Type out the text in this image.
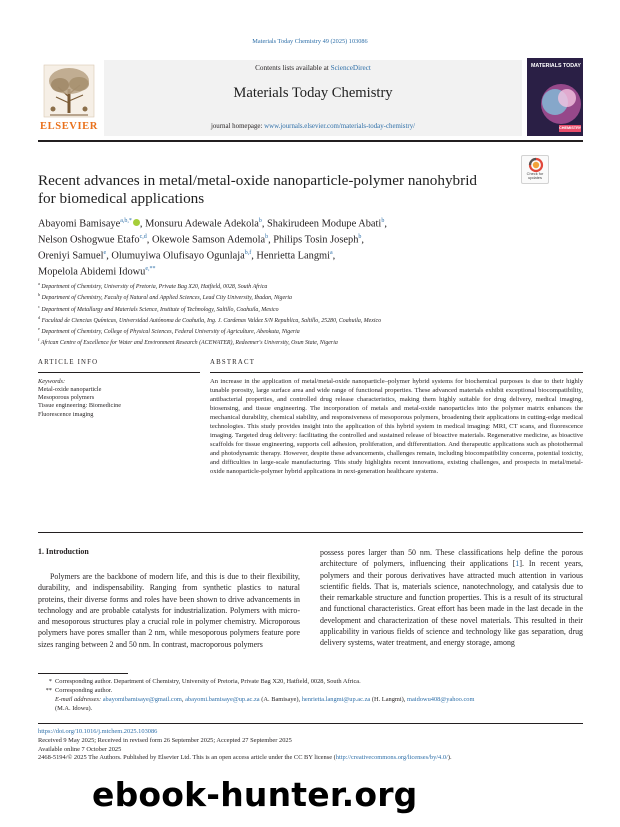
Materials Today Chemistry 49 (2025) 103086
ELSEVIER
Contents lists available at ScienceDirect
Materials Today Chemistry
journal homepage: www.journals.elsevier.com/materials-today-chemistry/
MATERIALS TODAY
CHEMISTRY
Recent advances in metal/metal-oxide nanoparticle-polymer nanohybrid
for biomedical applications
Check for updates
Abayomi Bamisaye$^{a,b,*}$ , Monsuru Adewale Adekola$^b$, Shakirudeen Modupe Abati$^b$,
Nelson Oshogwue Etafo$^{c,d}$, Okewole Samson Ademola$^b$, Philips Tosin Joseph$^b$,
Oreniyi Samuel$^e$, Olumuyiwa Olufisayo Ogunlaja$^{b,f}$, Henrietta Langmi$^a$,
Mopelola Abidemi Idowu$^{e,**}$
$^a$ Department of Chemistry, University of Pretoria, Private Bag X20, Hatfield, 0028, South Africa
$^b$ Department of Chemistry, Faculty of Natural and Applied Sciences, Lead City University, Ibadan, Nigeria
$^c$ Department of Metallurgy and Materials Science, Institute of Technology, Saltillo, Coahuila, Mexico
$^d$ Facultad de Ciencias Químicas, Universidad Autónoma de Coahuila, Ing. J. Cardenas Valdez S/N Republica, Saltillo, 25280, Coahuila, Mexico
$^e$ Department of Chemistry, College of Physical Sciences, Federal University of Agriculture, Abeokuta, Nigeria
$^f$ African Centre of Excellence for Water and Environment Research (ACEWATER), Redeemer's University, Osun State, Nigeria
ARTICLE INFO
Keywords:
Metal-oxide nanoparticle
Mesoporous polymers
Tissue engineering: Biomedicine
Fluorescence imaging
ABSTRACT
An increase in the application of metal/metal-oxide nanoparticle–polymer hybrid systems for biochemical purposes is due to their highly tunable porosity, large surface area and wide range of functional properties. These advanced materials exhibit exceptional biocompatibility, antibacterial properties, and controlled drug release characteristics, making them highly suitable for drug delivery, medical imaging, biosensing, and tissue engineering. The incorporation of metals and metal-oxide nanoparticles into the polymer matrix enhances the mechanical durability, chemical stability, and responsiveness of mesoporous polymers, broadening their applications in cutting-edge medical technologies. This study provides insight into the application of this hybrid system in medical imaging: MRI, CT scans, and fluorescence imaging. Targeted drug delivery: facilitating the controlled and sustained release of bioactive materials. Regenerative medicine, as bioactive scaffolds for tissue engineering, supports cell adhesion, proliferation, and differentiation. And therapeutic applications such as photothermal and photodynamic therapy. However, despite these advancements, challenges remain, including biocompatibility concerns, potential toxicity, and difficulties in large-scale manufacturing. This study highlights recent innovations, existing challenges, and prospects in metal/metal-oxide nanoparticle-polymer hybrid applications in next-generation healthcare systems.
1. Introduction
Polymers are the backbone of modern life, and this is due to their flexibility, durability, and indispensability. Ranging from synthetic plastics to natural proteins, their diverse forms and roles have been shown to drive advancements in technology and are probable catalysts for industrialization. Polymers with micro- and mesoporous structures play a crucial role in polymer chemistry. Microporous polymers have pores smaller than 2 nm, while mesoporous polymers feature pore sizes ranging between 2 and 50 nm. In contrast, macroporous polymers
possess pores larger than 50 nm. These classifications help define the porous architecture of polymers, influencing their applications [1]. In recent years, polymers and their porous derivatives have attracted much attention in various scientific fields. That is, materials science, nanotechnology, and catalysis due to their remarkable structure and function properties. This is a result of its structural and functional characteristics. Great effort has been made in the last decade in the development and characterization of these novel materials. This resulted in their applicability in various fields of science and technology like gas separation, drug delivery systems, water treatment, and energy storage, among
* Corresponding author. Department of Chemistry, University of Pretoria, Private Bag X20, Hatfield, 0028, South Africa.
** Corresponding author.
E-mail addresses: abayomibamisaye@gmail.com, abayomi.bamisaye@up.ac.za (A. Bamisaye), henrietta.langmi@up.ac.za (H. Langmi), maidowu408@yahoo.com
(M.A. Idowu).
https://doi.org/10.1016/j.mtchem.2025.103086
Received 9 May 2025; Received in revised form 26 September 2025; Accepted 27 September 2025
Available online 7 October 2025
2468-5194/© 2025 The Authors. Published by Elsevier Ltd. This is an open access article under the CC BY license (http://creativecommons.org/licenses/by/4.0/).
ebook-hunter.org
